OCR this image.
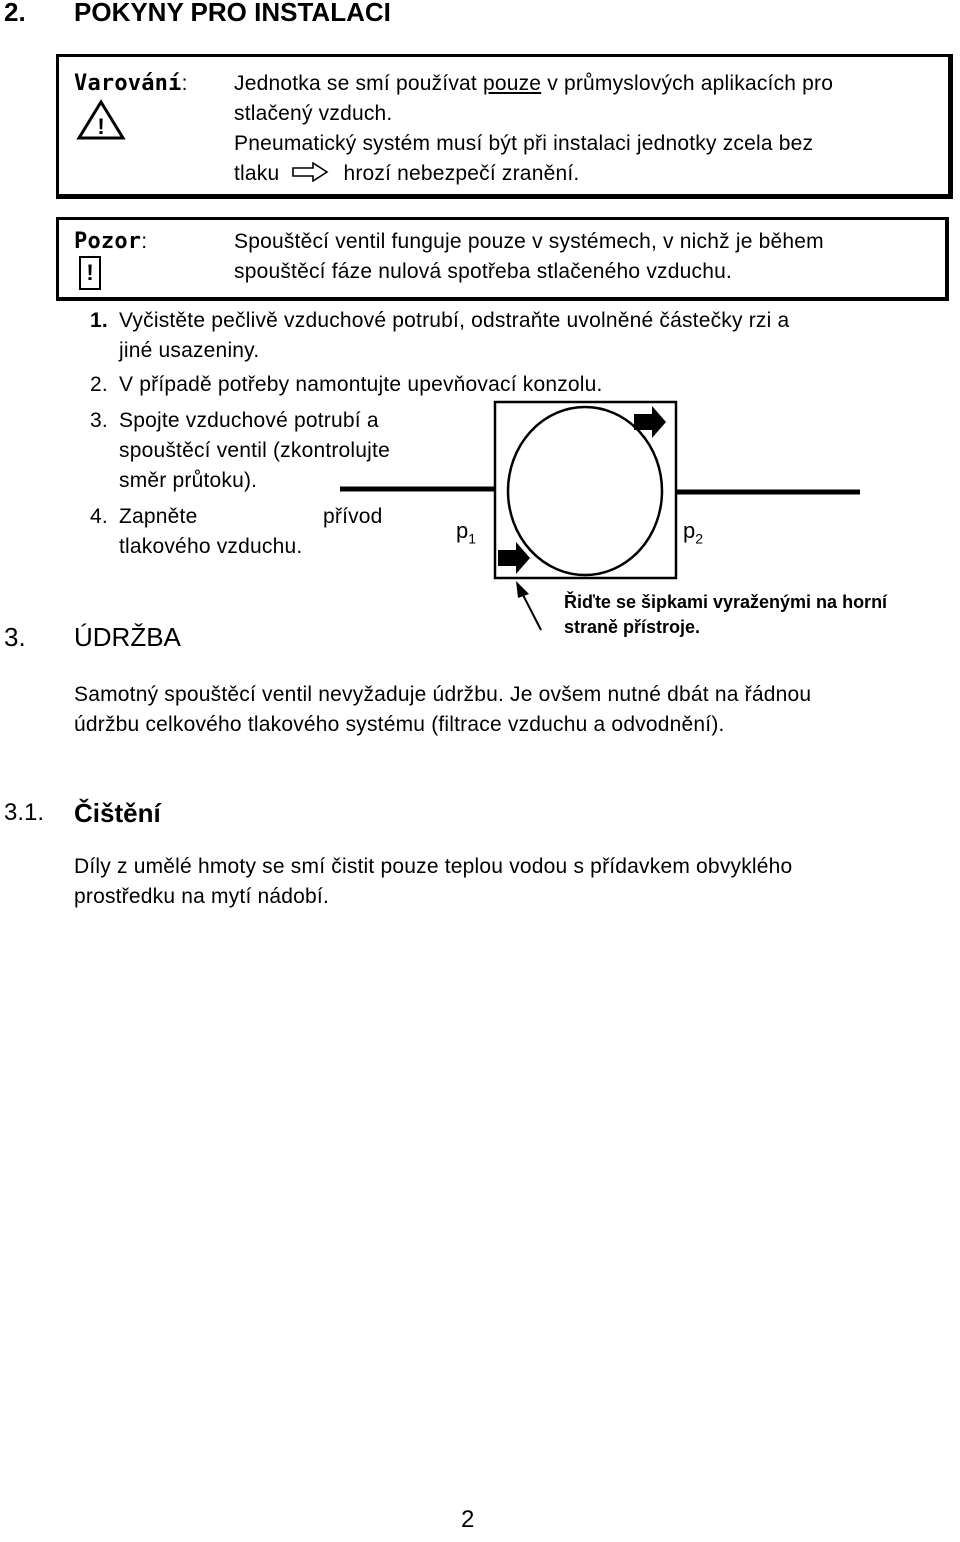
2. POKYNY PRO INSTALACI
Varování:
!
Jednotka se smí používat pouze v průmyslových aplikacích pro
stlačený vzduch.
Pneumatický systém musí být při instalaci jednotky zcela bez
tlaku	hrozí nebezpečí zranění.
Pozor:
!
Spouštěcí ventil funguje pouze v systémech, v nichž je během
spouštěcí fáze nulová spotřeba stlačeného vzduchu.
1. Vyčistěte pečlivě vzduchové potrubí, odstraňte uvolněné částečky rzi a
jiné usazeniny.
2. V případě potřeby namontujte upevňovací konzolu.
3. Spojte vzduchové potrubí a
spouštěcí ventil (zkontrolujte
směr průtoku).
4. Zapněte	přívod
tlakového vzduchu.
$p_1$	$p_2$
Řiďte se šipkami vyraženými na horní
straně přístroje.
3. ÚDRŽBA
Samotný spouštěcí ventil nevyžaduje údržbu. Je ovšem nutné dbát na řádnou
údržbu celkového tlakového systému (filtrace vzduchu a odvodnění).
3.1. Čištění
Díly z umělé hmoty se smí čistit pouze teplou vodou s přídavkem obvyklého
prostředku na mytí nádobí.
2
